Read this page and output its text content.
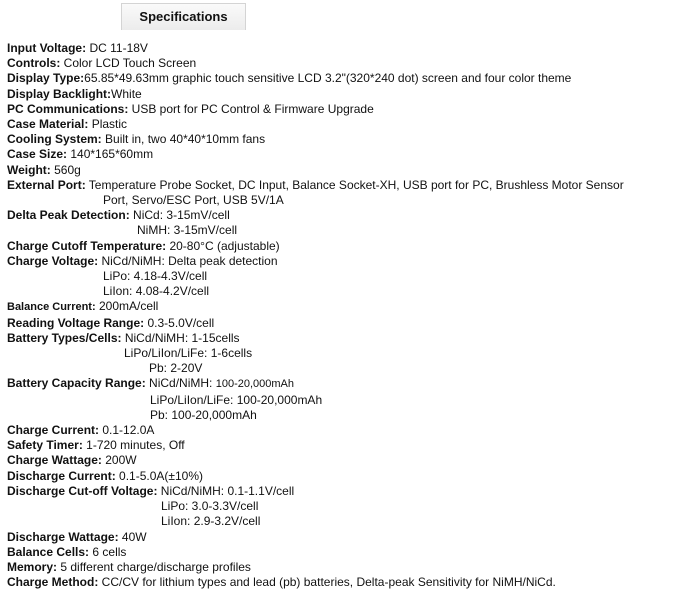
Specifications
Input Voltage: DC 11-18V
Controls: Color LCD Touch Screen
Display Type:65.85*49.63mm graphic touch sensitive LCD 3.2"(320*240 dot) screen and four color theme
Display Backlight:White
PC Communications: USB port for PC Control & Firmware Upgrade
Case Material: Plastic
Cooling System: Built in, two 40*40*10mm fans
Case Size: 140*165*60mm
Weight: 560g
External Port: Temperature Probe Socket, DC Input, Balance Socket-XH, USB port for PC, Brushless Motor Sensor
Port, Servo/ESC Port, USB 5V/1A
Delta Peak Detection: NiCd: 3-15mV/cell
NiMH: 3-15mV/cell
Charge Cutoff Temperature: 20-80°C (adjustable)
Charge Voltage: NiCd/NiMH: Delta peak detection
LiPo: 4.18-4.3V/cell
LiIon: 4.08-4.2V/cell
Balance Current: 200mA/cell
Reading Voltage Range: 0.3-5.0V/cell
Battery Types/Cells: NiCd/NiMH: 1-15cells
LiPo/LiIon/LiFe: 1-6cells
Pb: 2-20V
Battery Capacity Range: NiCd/NiMH: 100-20,000mAh
LiPo/LiIon/LiFe: 100-20,000mAh
Pb: 100-20,000mAh
Charge Current: 0.1-12.0A
Safety Timer: 1-720 minutes, Off
Charge Wattage: 200W
Discharge Current: 0.1-5.0A(±10%)
Discharge Cut-off Voltage: NiCd/NiMH: 0.1-1.1V/cell
LiPo: 3.0-3.3V/cell
LiIon: 2.9-3.2V/cell
Discharge Wattage: 40W
Balance Cells: 6 cells
Memory: 5 different charge/discharge profiles
Charge Method: CC/CV for lithium types and lead (pb) batteries, Delta-peak Sensitivity for NiMH/NiCd.
